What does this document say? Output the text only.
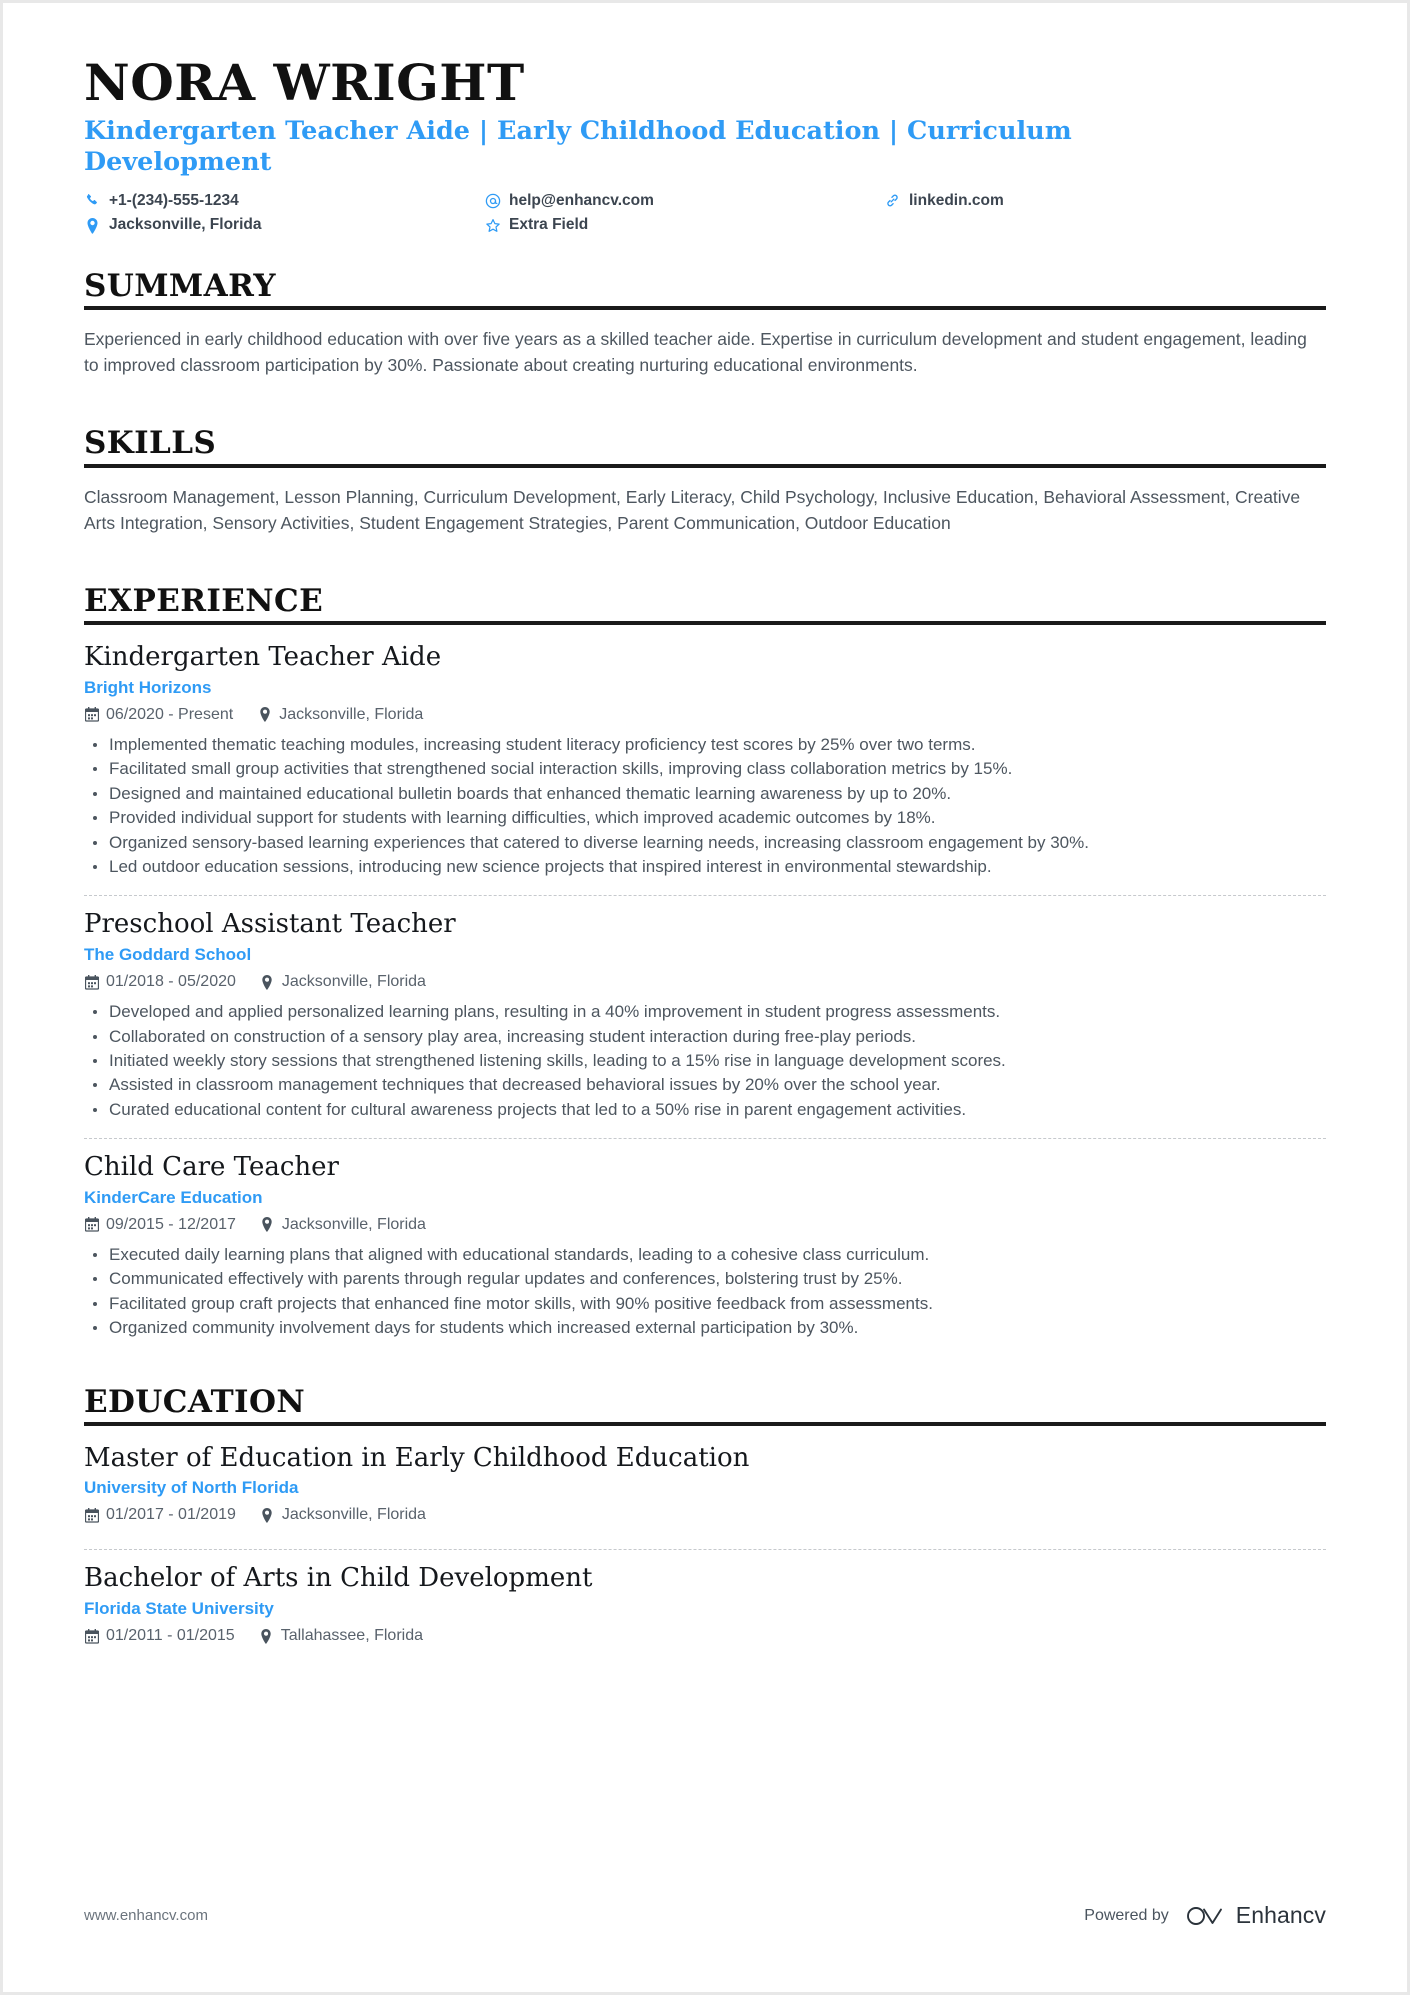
NORA WRIGHT
Kindergarten Teacher Aide | Early Childhood Education | Curriculum Development
+1-(234)-555-1234	help@enhancv.com	linkedin.com
Jacksonville, Florida	Extra Field
SUMMARY

Experienced in early childhood education with over five years as a skilled teacher aide. Expertise in curriculum development and student engagement, leading to improved classroom participation by 30%. Passionate about creating nurturing educational environments.

SKILLS

Classroom Management, Lesson Planning, Curriculum Development, Early Literacy, Child Psychology, Inclusive Education, Behavioral Assessment, Creative Arts Integration, Sensory Activities, Student Engagement Strategies, Parent Communication, Outdoor Education

EXPERIENCE
Kindergarten Teacher Aide
Bright Horizons
06/2020 - Present	Jacksonville, Florida
Implemented thematic teaching modules, increasing student literacy proficiency test scores by 25% over two terms.
Facilitated small group activities that strengthened social interaction skills, improving class collaboration metrics by 15%.
Designed and maintained educational bulletin boards that enhanced thematic learning awareness by up to 20%.
Provided individual support for students with learning difficulties, which improved academic outcomes by 18%.
Organized sensory-based learning experiences that catered to diverse learning needs, increasing classroom engagement by 30%.
Led outdoor education sessions, introducing new science projects that inspired interest in environmental stewardship.
Preschool Assistant Teacher
The Goddard School
01/2018 - 05/2020	Jacksonville, Florida
Developed and applied personalized learning plans, resulting in a 40% improvement in student progress assessments.
Collaborated on construction of a sensory play area, increasing student interaction during free-play periods.
Initiated weekly story sessions that strengthened listening skills, leading to a 15% rise in language development scores.
Assisted in classroom management techniques that decreased behavioral issues by 20% over the school year.
Curated educational content for cultural awareness projects that led to a 50% rise in parent engagement activities.
Child Care Teacher
KinderCare Education
09/2015 - 12/2017	Jacksonville, Florida
Executed daily learning plans that aligned with educational standards, leading to a cohesive class curriculum.
Communicated effectively with parents through regular updates and conferences, bolstering trust by 25%.
Facilitated group craft projects that enhanced fine motor skills, with 90% positive feedback from assessments.
Organized community involvement days for students which increased external participation by 30%.
EDUCATION
Master of Education in Early Childhood Education
University of North Florida
01/2017 - 01/2019	Jacksonville, Florida
Bachelor of Arts in Child Development
Florida State University
01/2011 - 01/2015	Tallahassee, Florida
www.enhancv.com	Powered by	Enhancv
